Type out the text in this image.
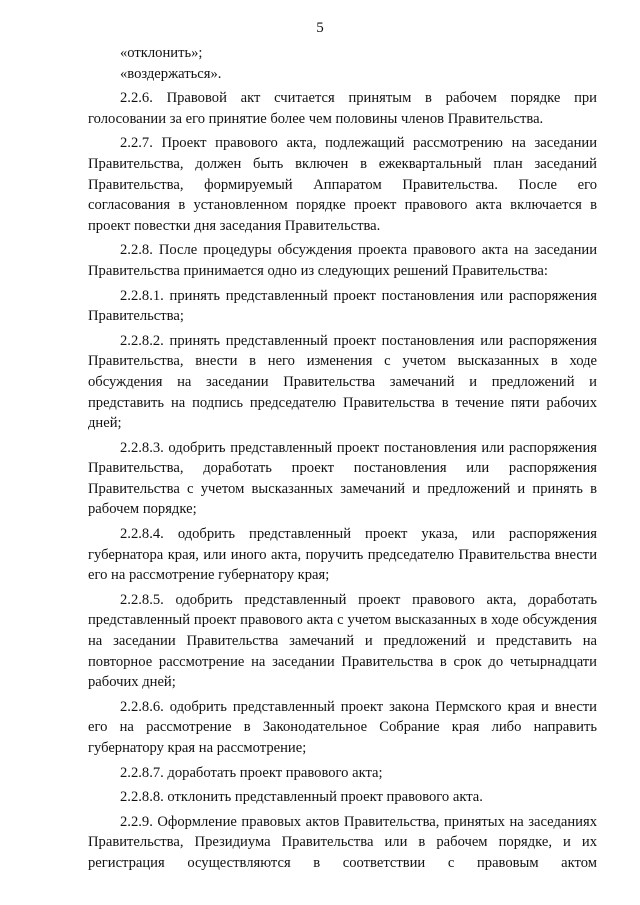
5

«отклонить»;

«воздержаться».

2.2.6. Правовой акт считается принятым в рабочем порядке при голосовании за его принятие более чем половины членов Правительства.

2.2.7. Проект правового акта, подлежащий рассмотрению на заседании Правительства, должен быть включен в ежеквартальный план заседаний Правительства, формируемый Аппаратом Правительства. После его согласования в установленном порядке проект правового акта включается в проект повестки дня заседания Правительства.

2.2.8. После процедуры обсуждения проекта правового акта на заседании Правительства принимается одно из следующих решений Правительства:

2.2.8.1. принять представленный проект постановления или распоряжения Правительства;

2.2.8.2. принять представленный проект постановления или распоряжения Правительства, внести в него изменения с учетом высказанных в ходе обсуждения на заседании Правительства замечаний и предложений и представить на подпись председателю Правительства в течение пяти рабочих дней;

2.2.8.3. одобрить представленный проект постановления или распоряжения Правительства, доработать проект постановления или распоряжения Правительства с учетом высказанных замечаний и предложений и принять в рабочем порядке;

2.2.8.4. одобрить представленный проект указа, или распоряжения губернатора края, или иного акта, поручить председателю Правительства внести его на рассмотрение губернатору края;

2.2.8.5. одобрить представленный проект правового акта, доработать представленный проект правового акта с учетом высказанных в ходе обсуждения на заседании Правительства замечаний и предложений и представить на повторное рассмотрение на заседании Правительства в срок до четырнадцати рабочих дней;

2.2.8.6. одобрить представленный проект закона Пермского края и внести его на рассмотрение в Законодательное Собрание края либо направить губернатору края на рассмотрение;

2.2.8.7. доработать проект правового акта;

2.2.8.8. отклонить представленный проект правового акта.

2.2.9. Оформление правовых актов Правительства, принятых на заседаниях Правительства, Президиума Правительства или в рабочем порядке, и их регистрация осуществляются в соответствии с правовым актом
